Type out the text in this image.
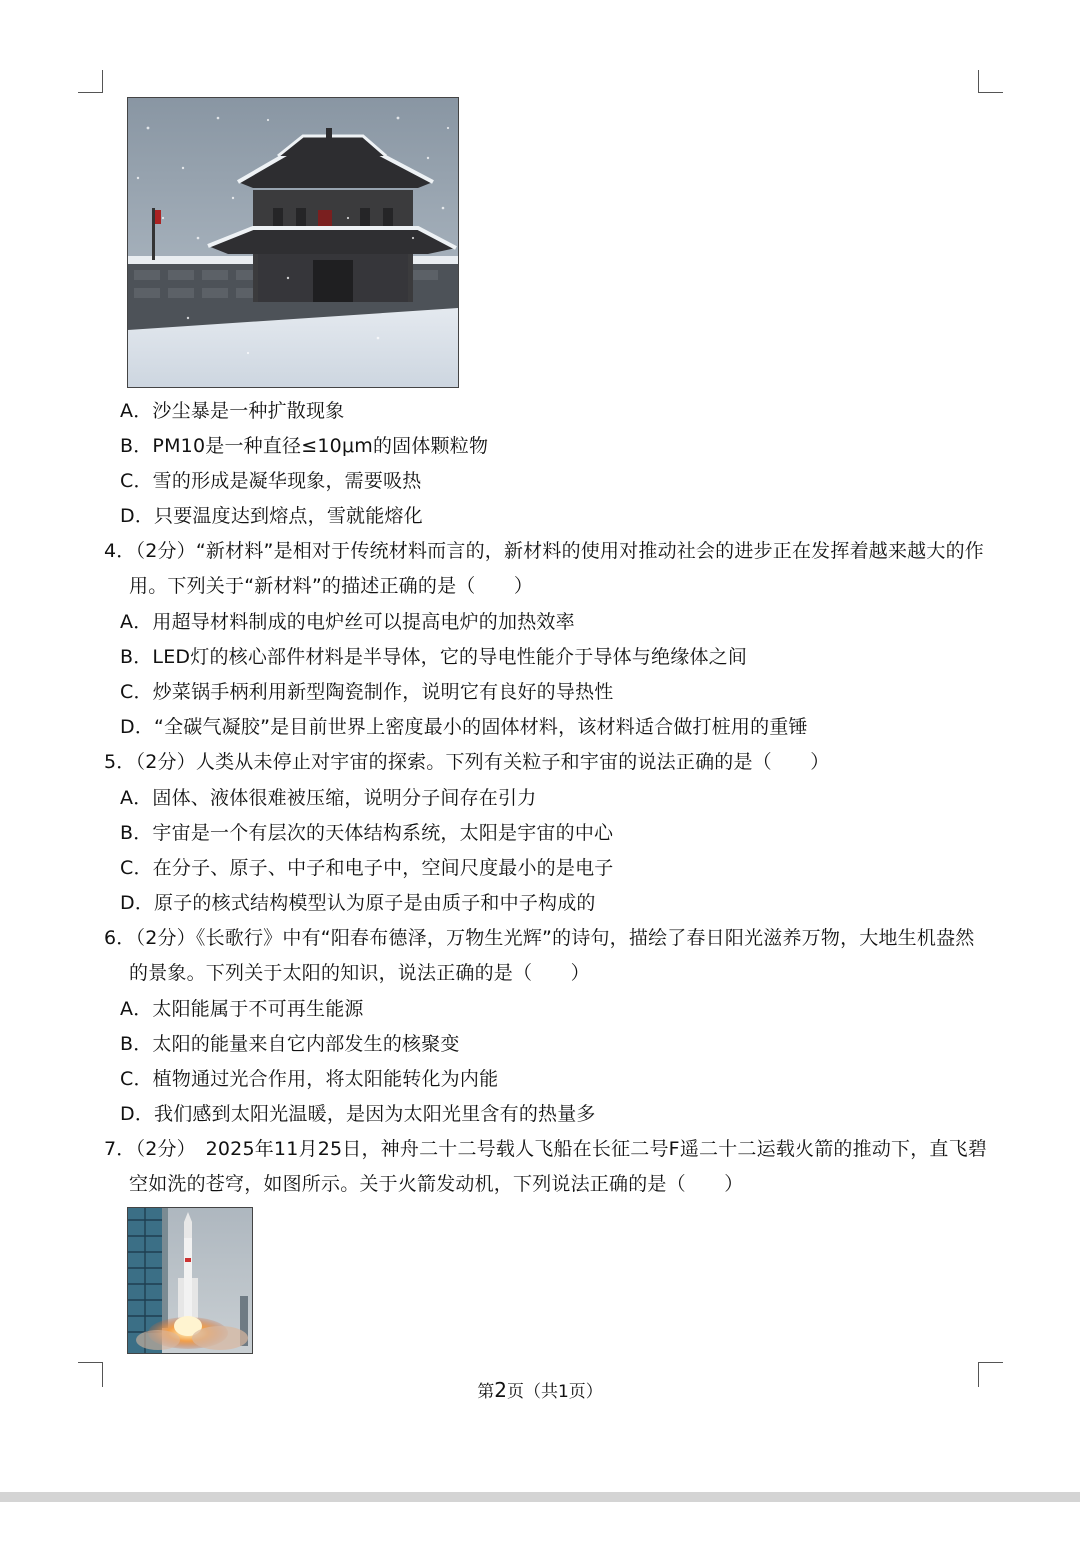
A．沙尘暴是一种扩散现象
B．PM10是一种直径≤10μm的固体颗粒物
C．雪的形成是凝华现象，需要吸热
D．只要温度达到熔点，雪就能熔化
4．（2分）“新材料”是相对于传统材料而言的，新材料的使用对推动社会的进步正在发挥着越来越大的作
用。下列关于“新材料”的描述正确的是（　　）
A．用超导材料制成的电炉丝可以提高电炉的加热效率
B．LED灯的核心部件材料是半导体，它的导电性能介于导体与绝缘体之间
C．炒菜锅手柄利用新型陶瓷制作，说明它有良好的导热性
D．“全碳气凝胶”是目前世界上密度最小的固体材料，该材料适合做打桩用的重锤
5．（2分）人类从未停止对宇宙的探索。下列有关粒子和宇宙的说法正确的是（　　）
A．固体、液体很难被压缩，说明分子间存在引力
B．宇宙是一个有层次的天体结构系统，太阳是宇宙的中心
C．在分子、原子、中子和电子中，空间尺度最小的是电子
D．原子的核式结构模型认为原子是由质子和中子构成的
6．（2分）《长歌行》中有“阳春布德泽，万物生光辉”的诗句，描绘了春日阳光滋养万物，大地生机盎然
的景象。下列关于太阳的知识，说法正确的是（　　）
A．太阳能属于不可再生能源
B．太阳的能量来自它内部发生的核聚变
C．植物通过光合作用，将太阳能转化为内能
D．我们感到太阳光温暖，是因为太阳光里含有的热量多
7．（2分）　2025年11月25日，神舟二十二号载人飞船在长征二号F遥二十二运载火箭的推动下，直飞碧
空如洗的苍穹，如图所示。关于火箭发动机，下列说法正确的是（　　）
第2页（共1页）
